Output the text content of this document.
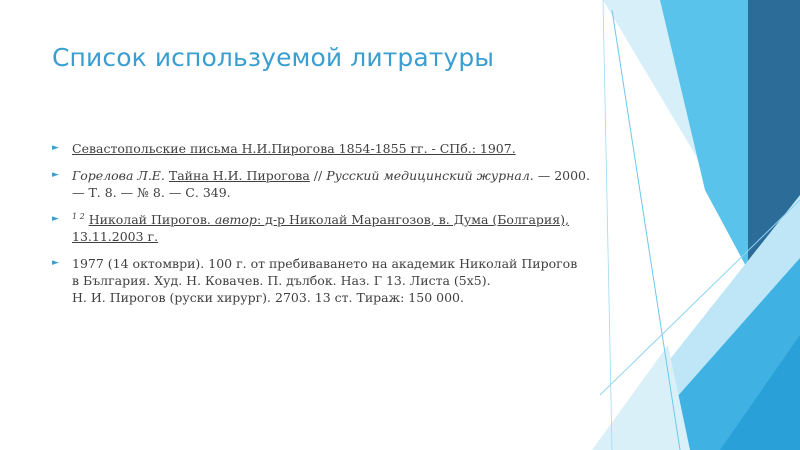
Список используемой литратуры
► Севастопольские письма Н.И.Пирогова 1854-1855 гг. - СПб.: 1907.
► Горелова Л.Е. Тайна Н.И. Пирогова // Русский медицинский журнал. — 2000. — Т. 8. — № 8. — С. 349.
► $^{1 2}$ Николай Пирогов. автор: д-р Николай Марангозов, в. Дума (Болгария), 13.11.2003 г.
► 1977 (14 октомври). 100 г. от пребиваването на академик Николай Пирогов
в България. Худ. Н. Ковачев. П. дълбок. Наз. Г 13. Листа (5x5).
Н. И. Пирогов (руски хирург). 2703. 13 ст. Тираж: 150 000.
